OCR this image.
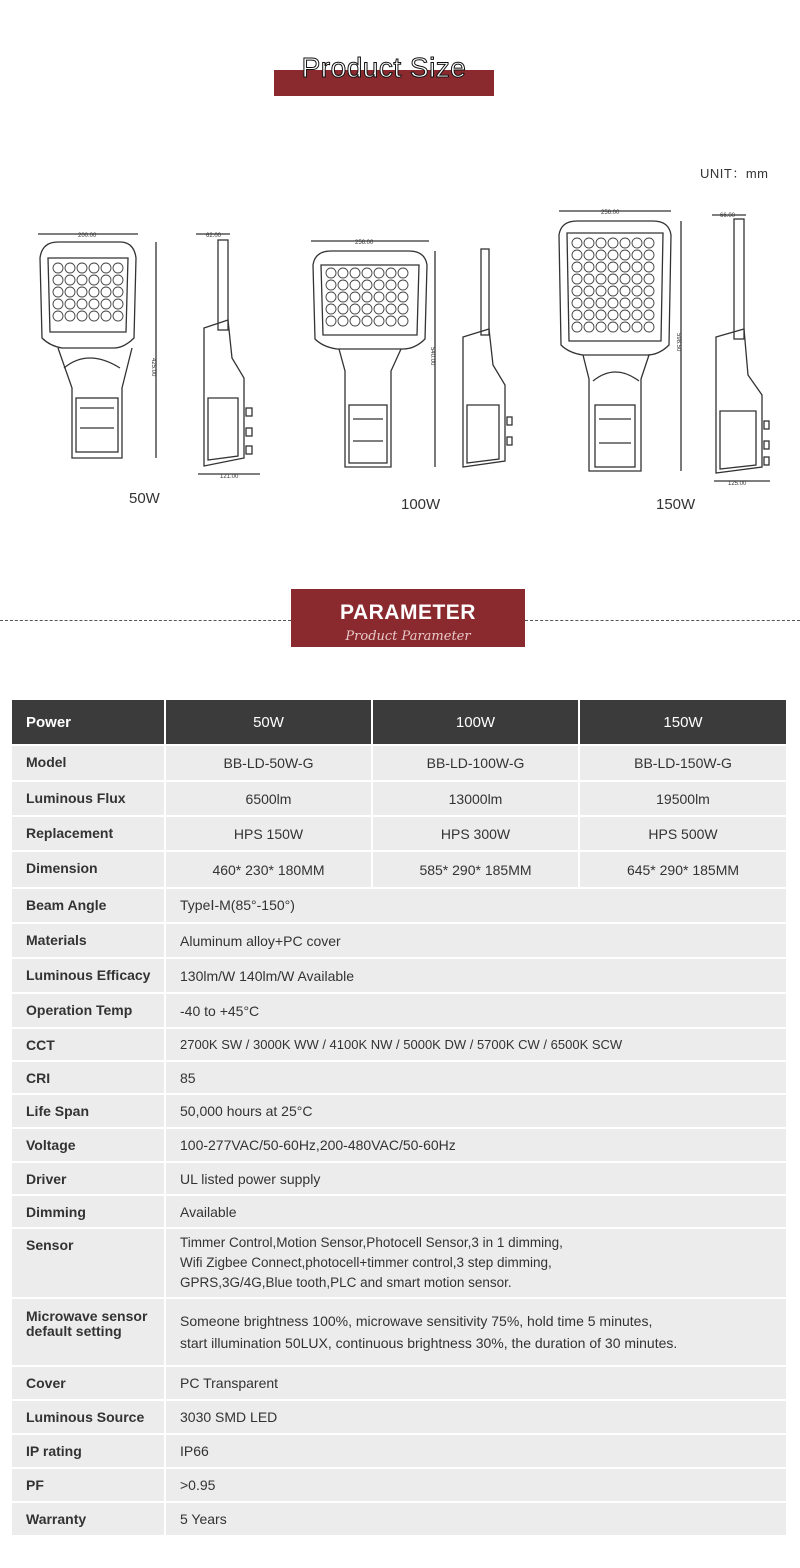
Product Size
UNIT：mm
200.00
425.00
62.00
121.00
256.00
540.00
256.00
598.50
66.00
125.00
50W	100W	150W
PARAMETER
Product Parameter
Power	50W	100W	150W
Model	BB-LD-50W-G	BB-LD-100W-G	BB-LD-150W-G
Luminous Flux	6500lm	13000lm	19500lm
Replacement	HPS 150W	HPS 300W	HPS 500W
Dimension	460* 230* 180MM	585* 290* 185MM	645* 290* 185MM
Beam Angle	TypeⅠ-M(85°-150°)		
Materials	Aluminum alloy+PC cover		
Luminous Efficacy	130lm/W 140lm/W Available		
Operation Temp	-40 to +45°C		
CCT	2700K SW / 3000K WW / 4100K NW / 5000K DW / 5700K CW / 6500K SCW		
CRI	85		
Life Span	50,000 hours at 25°C		
Voltage	100-277VAC/50-60Hz,200-480VAC/50-60Hz		
Driver	UL listed power supply		
Dimming	Available		
Sensor	Timmer Control,Motion Sensor,Photocell Sensor,3 in 1 dimming,
Wifi Zigbee Connect,photocell+timmer control,3 step dimming,
GPRS,3G/4G,Blue tooth,PLC and smart motion sensor.		

Microwave sensor default setting	Someone brightness 100%, microwave sensitivity 75%, hold time 5 minutes,
start illumination 50LUX, continuous brightness 30%, the duration of 30 minutes.		

Cover	PC Transparent		
Luminous Source	3030 SMD LED		
IP rating	IP66		
PF	>0.95		
Warranty	5 Years		
